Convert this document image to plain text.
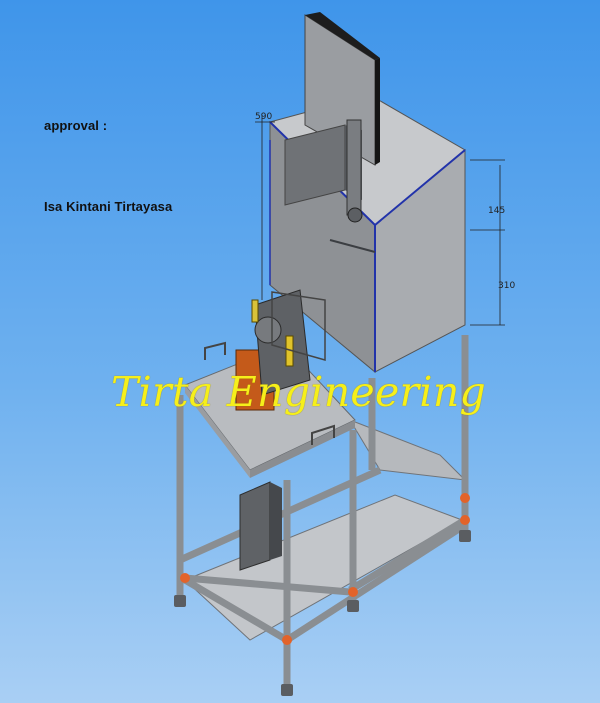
approval :
Isa Kintani Tirtayasa
590
145
310
Tirta Engineering
